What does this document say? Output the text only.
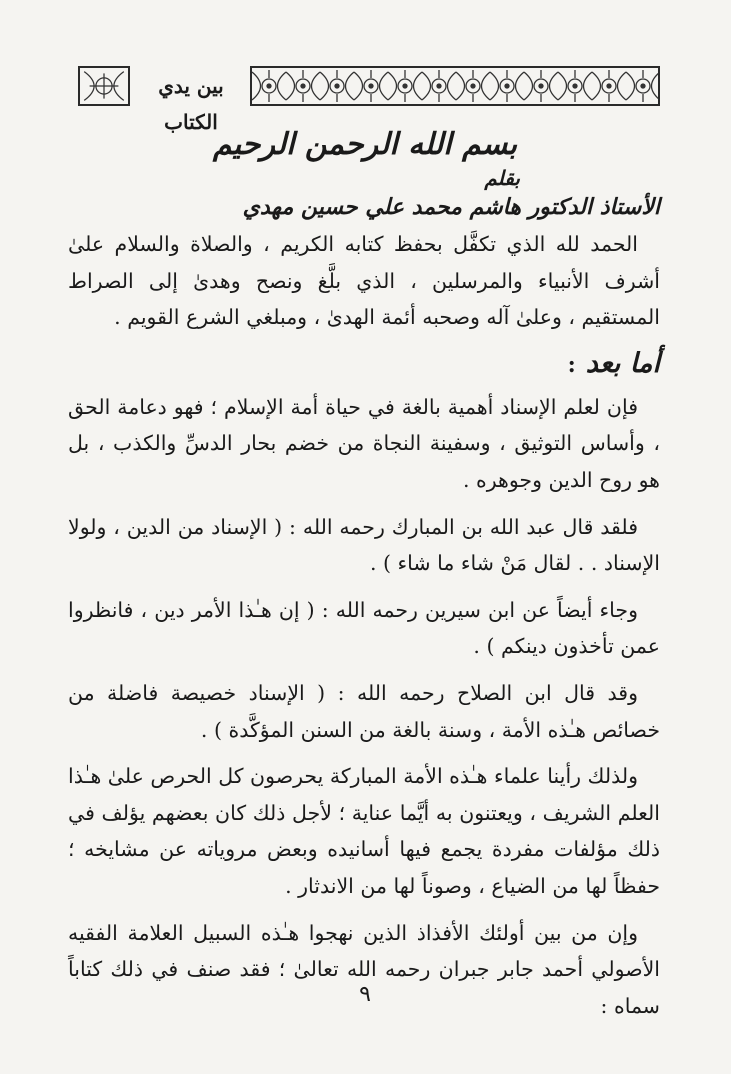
بين يدي الكتاب
بسم الله الرحمن الرحيم
بقلم
الأستاذ الدكتور هاشم محمد علي حسين مهدي

الحمد لله الذي تكفَّل بحفظ كتابه الكريم ، والصلاة والسلام علىٰ أشرف الأنبياء والمرسلين ، الذي بلَّغ ونصح وهدىٰ إلى الصراط المستقيم ، وعلىٰ آله وصحبه أئمة الهدىٰ ، ومبلغي الشرع القويم .

أما بعد:

فإن لعلم الإسناد أهمية بالغة في حياة أمة الإسلام ؛ فهو دعامة الحق ، وأساس التوثيق ، وسفينة النجاة من خضم بحار الدسِّ والكذب ، بل هو روح الدين وجوهره .

فلقد قال عبد الله بن المبارك رحمه الله : ( الإسناد من الدين ، ولولا الإسناد . . لقال مَنْ شاء ما شاء ) .

وجاء أيضاً عن ابن سيرين رحمه الله : ( إن هـٰذا الأمر دين ، فانظروا عمن تأخذون دينكم ) .

وقد قال ابن الصلاح رحمه الله : ( الإسناد خصيصة فاضلة من خصائص هـٰذه الأمة ، وسنة بالغة من السنن المؤكَّدة ) .

ولذلك رأينا علماء هـٰذه الأمة المباركة يحرصون كل الحرص علىٰ هـٰذا العلم الشريف ، ويعتنون به أيَّما عناية ؛ لأجل ذلك كان بعضهم يؤلف في ذلك مؤلفات مفردة يجمع فيها أسانيده وبعض مروياته عن مشايخه ؛ حفظاً لها من الضياع ، وصوناً لها من الاندثار .

وإن من بين أولئك الأفذاذ الذين نهجوا هـٰذه السبيل العلامة الفقيه الأصولي أحمد جابر جبران رحمه الله تعالىٰ ؛ فقد صنف في ذلك كتاباً سماه :

٩
